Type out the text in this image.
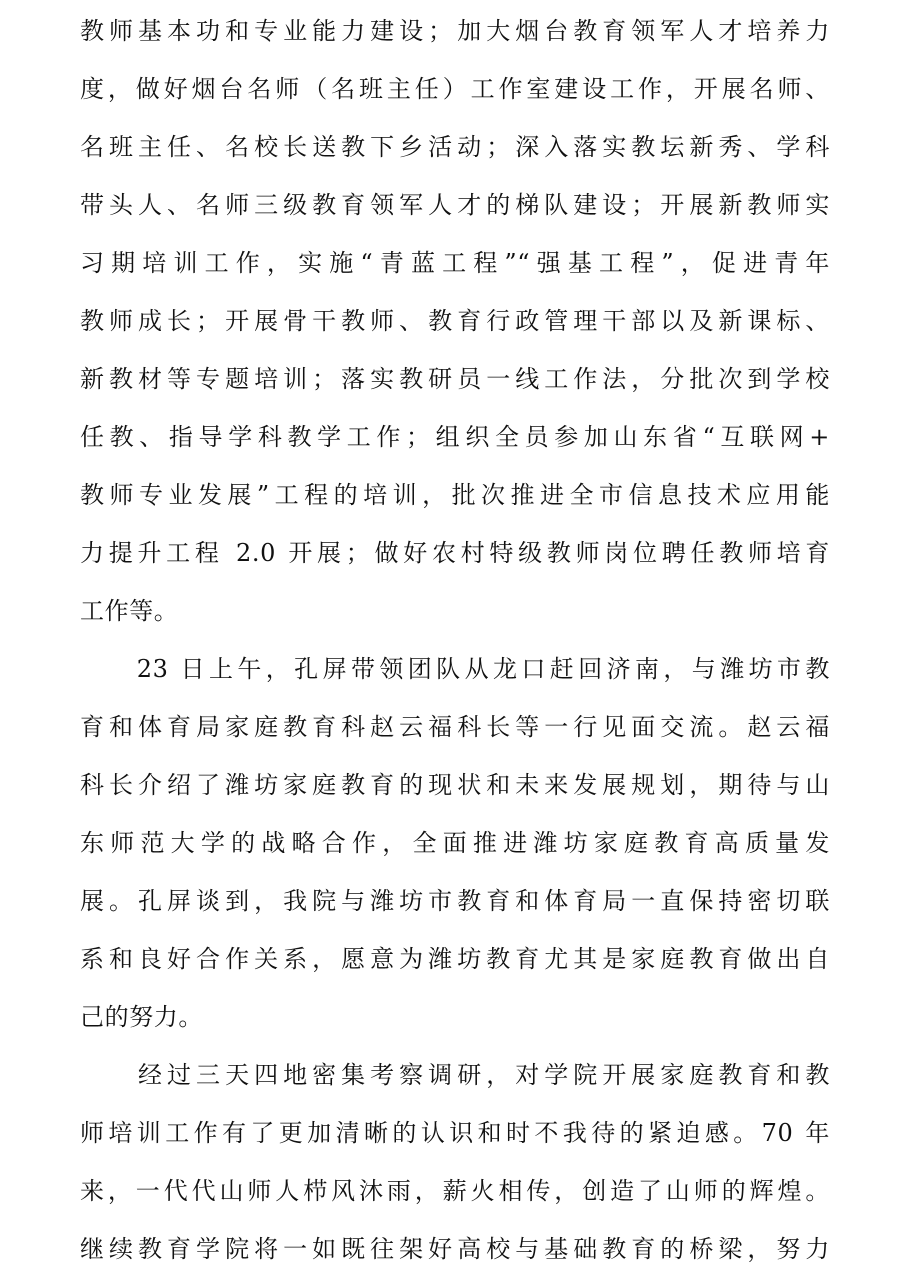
教师基本功和专业能力建设；加大烟台教育领军人才培养力
度，做好烟台名师（名班主任）工作室建设工作，开展名师、
名班主任、名校长送教下乡活动；深入落实教坛新秀、学科
带头人、名师三级教育领军人才的梯队建设；开展新教师实
习期培训工作，实施“青蓝工程”“强基工程”，促进青年
教师成长；开展骨干教师、教育行政管理干部以及新课标、
新教材等专题培训；落实教研员一线工作法，分批次到学校
任教、指导学科教学工作；组织全员参加山东省“互联网+
教师专业发展”工程的培训，批次推进全市信息技术应用能
力提升工程 2.0 开展；做好农村特级教师岗位聘任教师培育
工作等。
　　23 日上午，孔屏带领团队从龙口赶回济南，与潍坊市教
育和体育局家庭教育科赵云福科长等一行见面交流。赵云福
科长介绍了潍坊家庭教育的现状和未来发展规划，期待与山
东师范大学的战略合作，全面推进潍坊家庭教育高质量发
展。孔屏谈到，我院与潍坊市教育和体育局一直保持密切联
系和良好合作关系，愿意为潍坊教育尤其是家庭教育做出自
己的努力。
　　经过三天四地密集考察调研，对学院开展家庭教育和教
师培训工作有了更加清晰的认识和时不我待的紧迫感。70 年
来，一代代山师人栉风沐雨，薪火相传，创造了山师的辉煌。
继续教育学院将一如既往架好高校与基础教育的桥梁，努力
